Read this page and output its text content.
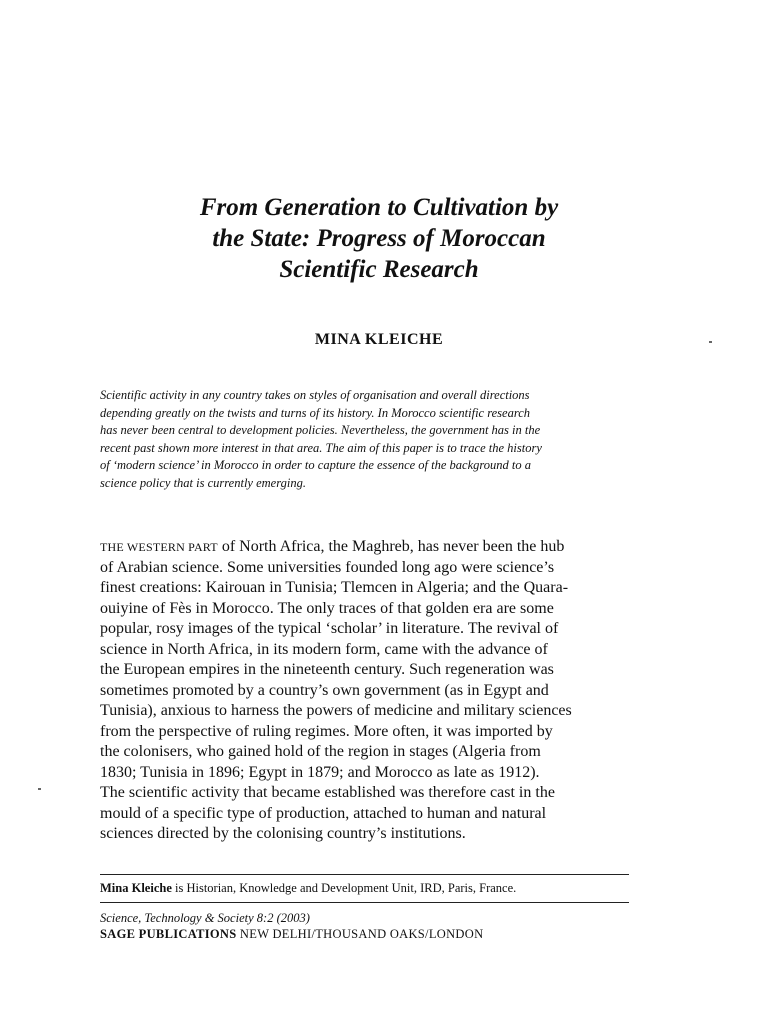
From Generation to Cultivation by
the State: Progress of Moroccan
Scientific Research

MINA KLEICHE

Scientific activity in any country takes on styles of organisation and overall directions
depending greatly on the twists and turns of its history. In Morocco scientific research
has never been central to development policies. Nevertheless, the government has in the
recent past shown more interest in that area. The aim of this paper is to trace the history
of ‘modern science’ in Morocco in order to capture the essence of the background to a
science policy that is currently emerging.

THE WESTERN PART of North Africa, the Maghreb, has never been the hub
of Arabian science. Some universities founded long ago were science’s
finest creations: Kairouan in Tunisia; Tlemcen in Algeria; and the Quara-
ouiyine of Fès in Morocco. The only traces of that golden era are some
popular, rosy images of the typical ‘scholar’ in literature. The revival of
science in North Africa, in its modern form, came with the advance of
the European empires in the nineteenth century. Such regeneration was
sometimes promoted by a country’s own government (as in Egypt and
Tunisia), anxious to harness the powers of medicine and military sciences
from the perspective of ruling regimes. More often, it was imported by
the colonisers, who gained hold of the region in stages (Algeria from
1830; Tunisia in 1896; Egypt in 1879; and Morocco as late as 1912).
The scientific activity that became established was therefore cast in the
mould of a specific type of production, attached to human and natural
sciences directed by the colonising country’s institutions.

Mina Kleiche is Historian, Knowledge and Development Unit, IRD, Paris, France.

Science, Technology & Society 8:2 (2003)
SAGE PUBLICATIONS NEW DELHI/THOUSAND OAKS/LONDON
